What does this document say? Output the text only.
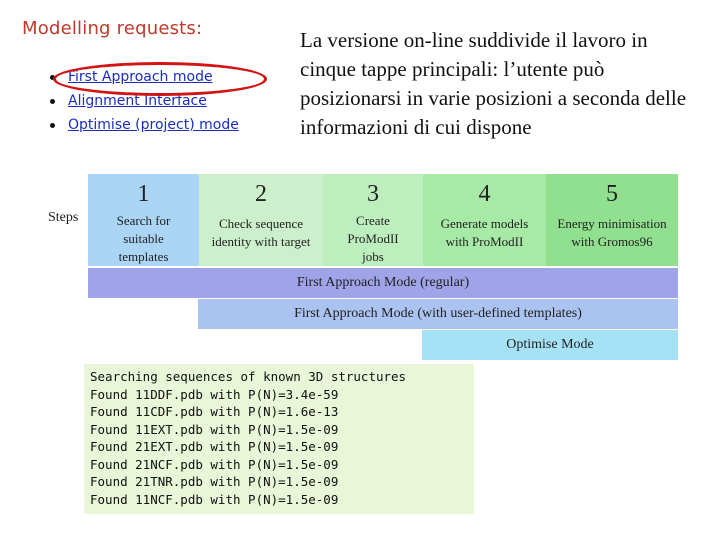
Modelling requests:
First Approach mode
Alignment Interface
Optimise (project) mode
La versione on-line suddivide il lavoro in cinque tappe principali: l’utente può posizionarsi in varie posizioni a seconda delle informazioni di cui dispone
Steps
1
Search for
suitable
templates
2
Check sequence
identity with target
3
Create
ProModII
jobs
4
Generate models
with ProModII
5
Energy minimisation
with Gromos96
First Approach Mode (regular)
First Approach Mode (with user-defined templates)
Optimise Mode
Searching sequences of known 3D structures
Found 11DDF.pdb with P(N)=3.4e-59
Found 11CDF.pdb with P(N)=1.6e-13
Found 11EXT.pdb with P(N)=1.5e-09
Found 21EXT.pdb with P(N)=1.5e-09
Found 21NCF.pdb with P(N)=1.5e-09
Found 21TNR.pdb with P(N)=1.5e-09
Found 11NCF.pdb with P(N)=1.5e-09
